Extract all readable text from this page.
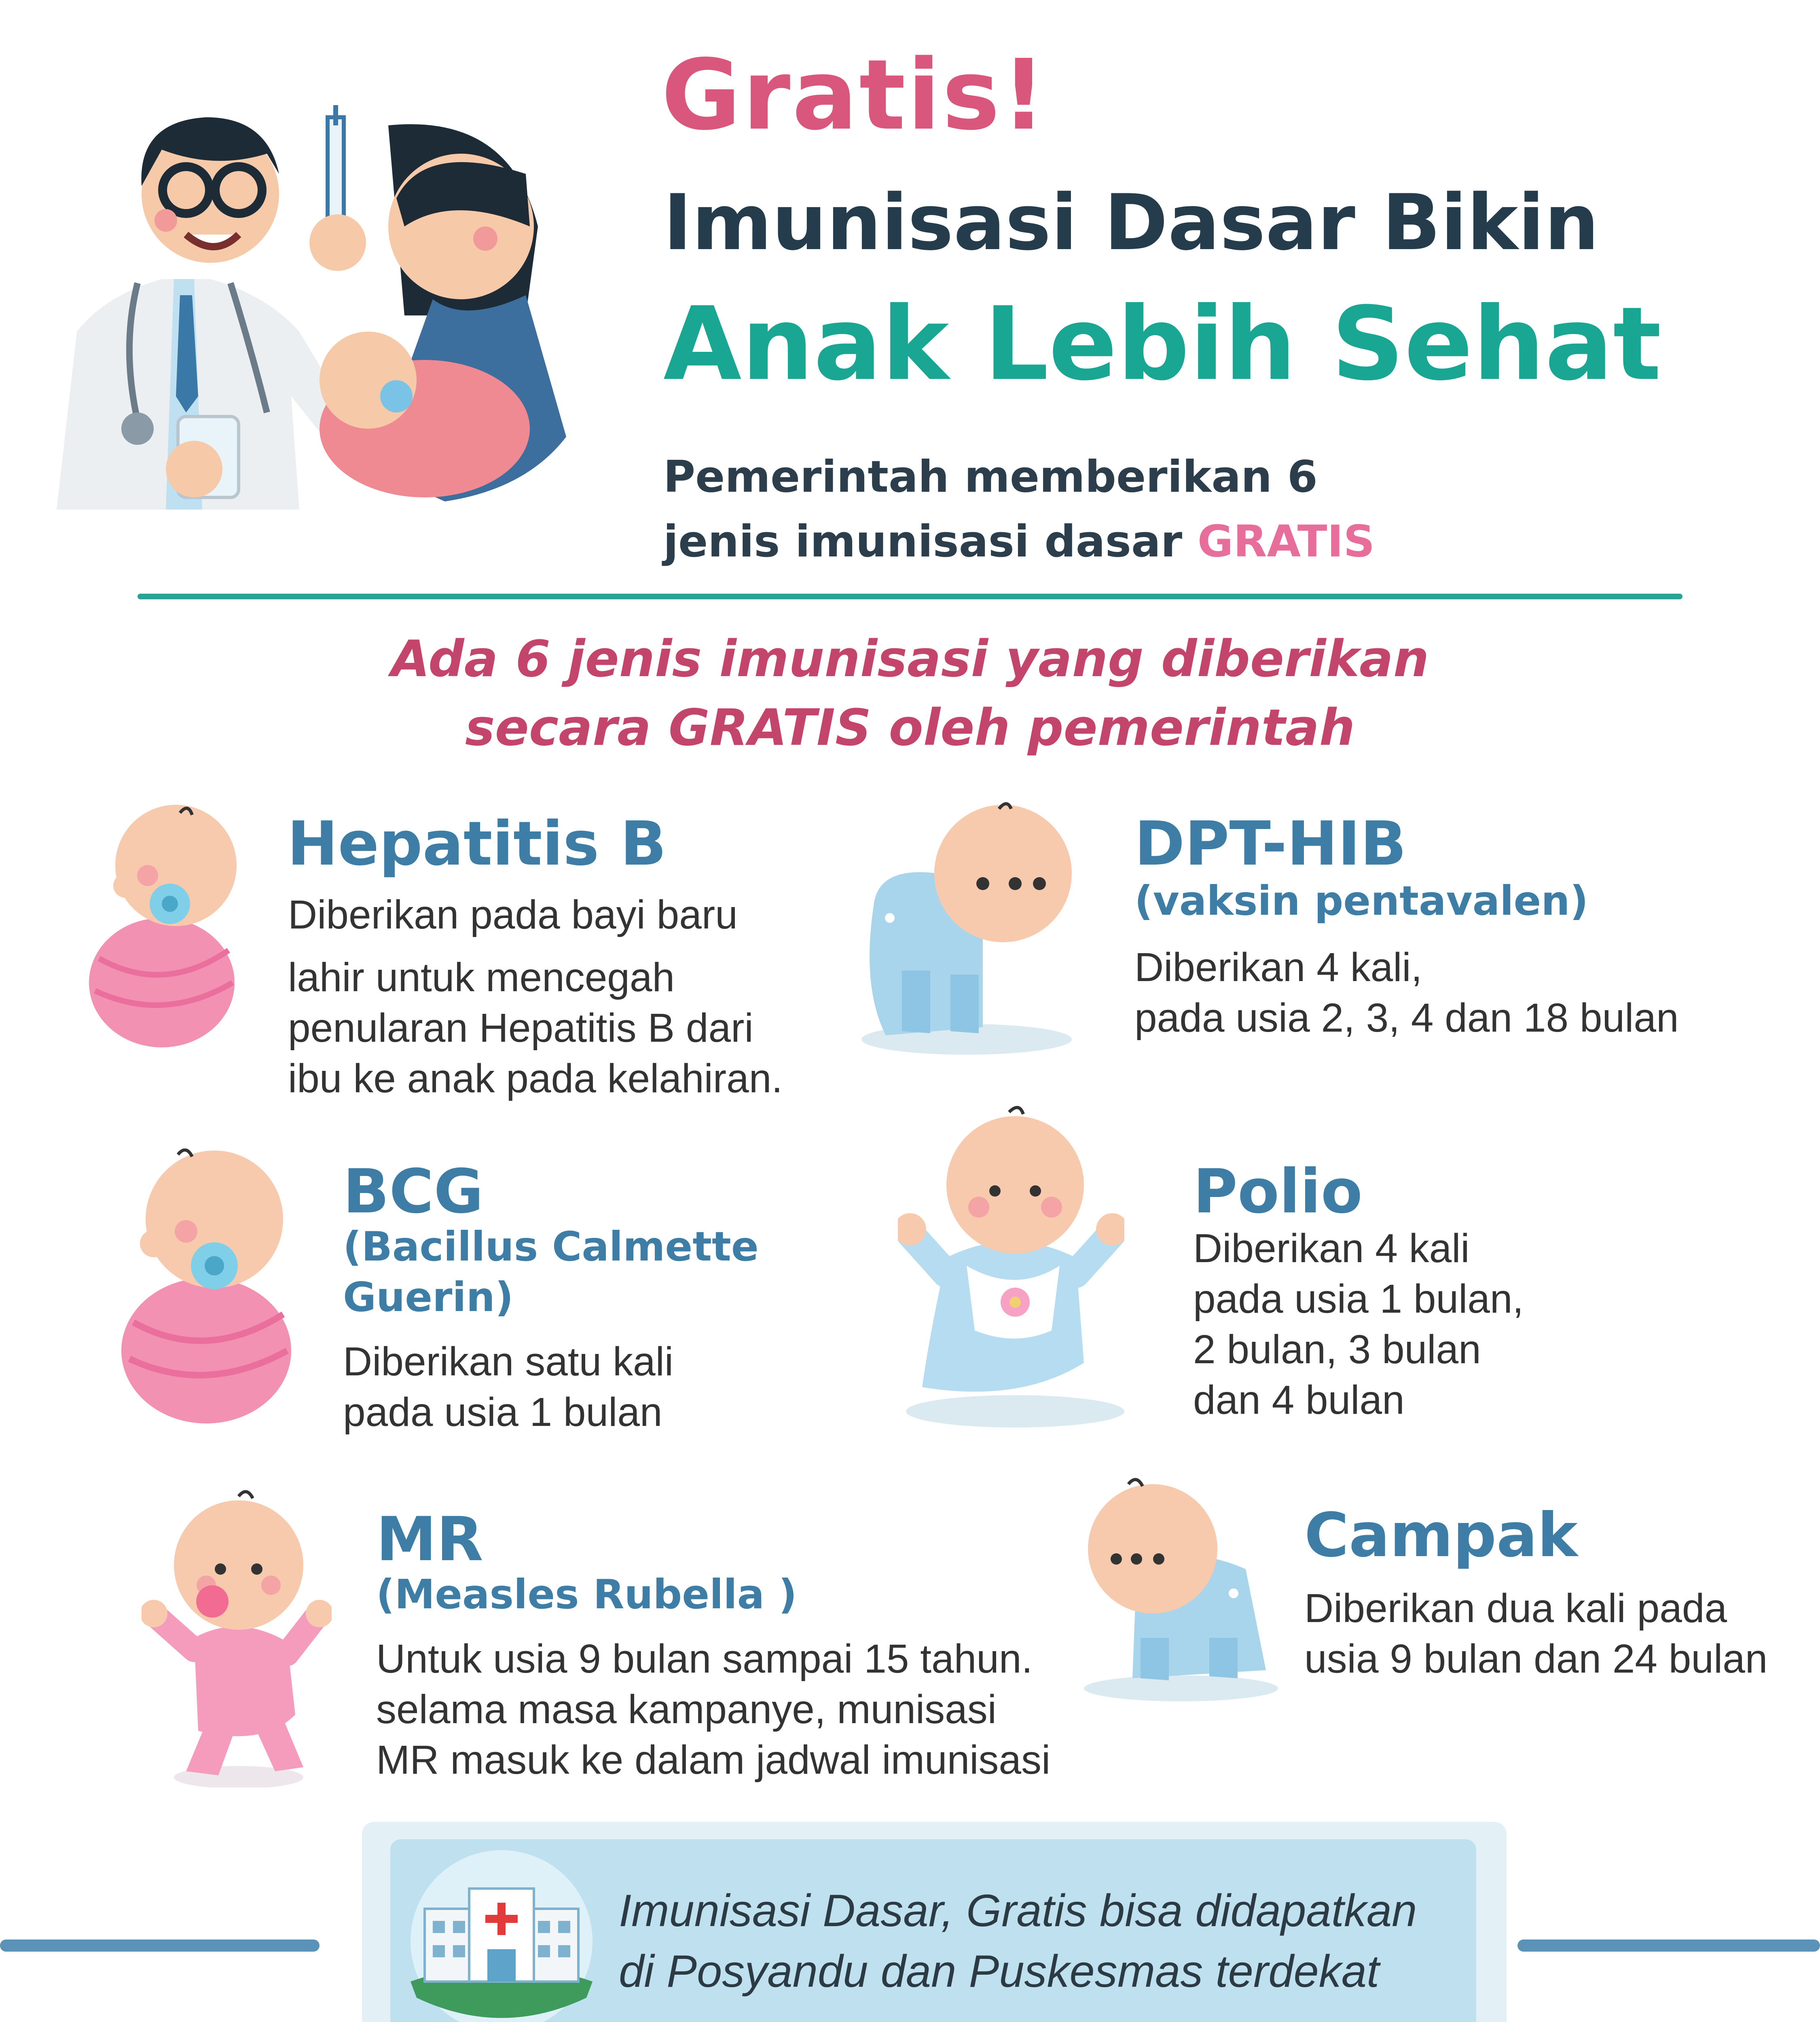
Gratis!
Imunisasi Dasar Bikin
Anak Lebih Sehat
Pemerintah memberikan 6
jenis imunisasi dasar GRATIS
Ada 6 jenis imunisasi yang diberikan
secara GRATIS oleh pemerintah
Hepatitis B
Diberikan pada bayi baru
lahir untuk mencegah
penularan Hepatitis B dari
ibu ke anak pada kelahiran.
DPT-HIB
(vaksin pentavalen)
Diberikan 4 kali,
pada usia 2, 3, 4 dan 18 bulan
BCG
(Bacillus Calmette
Guerin)
Diberikan satu kali
pada usia 1 bulan
Polio
Diberikan 4 kali
pada usia 1 bulan,
2 bulan, 3 bulan
dan 4 bulan
MR
(Measles Rubella )
Untuk usia 9 bulan sampai 15 tahun.
selama masa kampanye, munisasi
MR masuk ke dalam jadwal imunisasi
Campak
Diberikan dua kali pada
usia 9 bulan dan 24 bulan
Imunisasi Dasar, Gratis bisa didapatkan
di Posyandu dan Puskesmas terdekat
